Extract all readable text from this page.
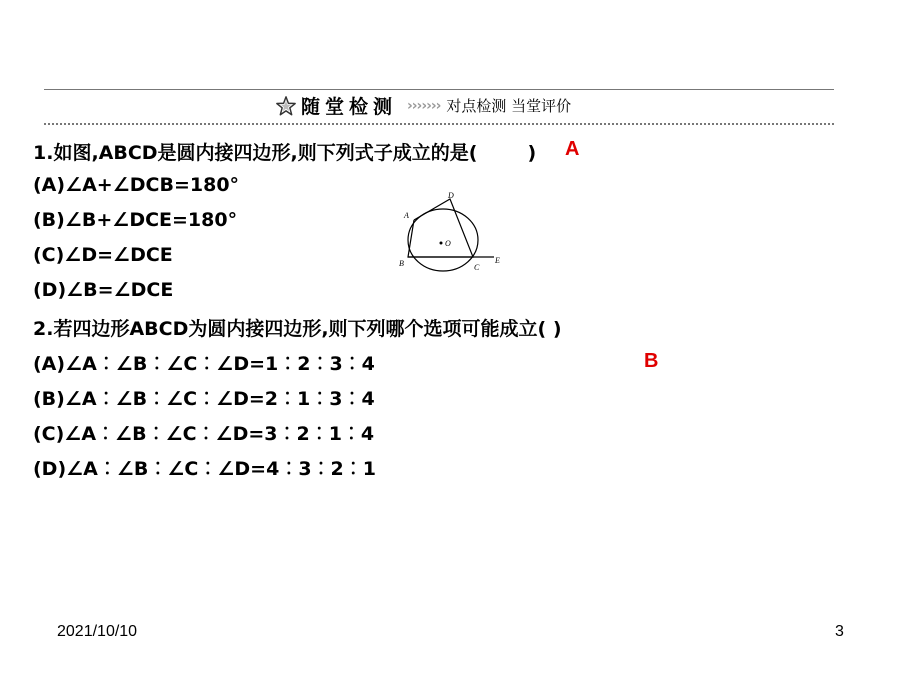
随堂检测 ››››››› 对点检测 当堂评价
1.如图,ABCD是圆内接四边形,则下列式子成立的是(	) A
(A)∠A+∠DCB=180°
(B)∠B+∠DCE=180°
(C)∠D=∠DCE
(D)∠B=∠DCE
O
A
D
B	C
E
2.若四边形ABCD为圆内接四边形,则下列哪个选项可能成立( )
B
(A)∠A︰∠B︰∠C︰∠D=1︰2︰3︰4
(B)∠A︰∠B︰∠C︰∠D=2︰1︰3︰4
(C)∠A︰∠B︰∠C︰∠D=3︰2︰1︰4
(D)∠A︰∠B︰∠C︰∠D=4︰3︰2︰1
2021/10/10	3
